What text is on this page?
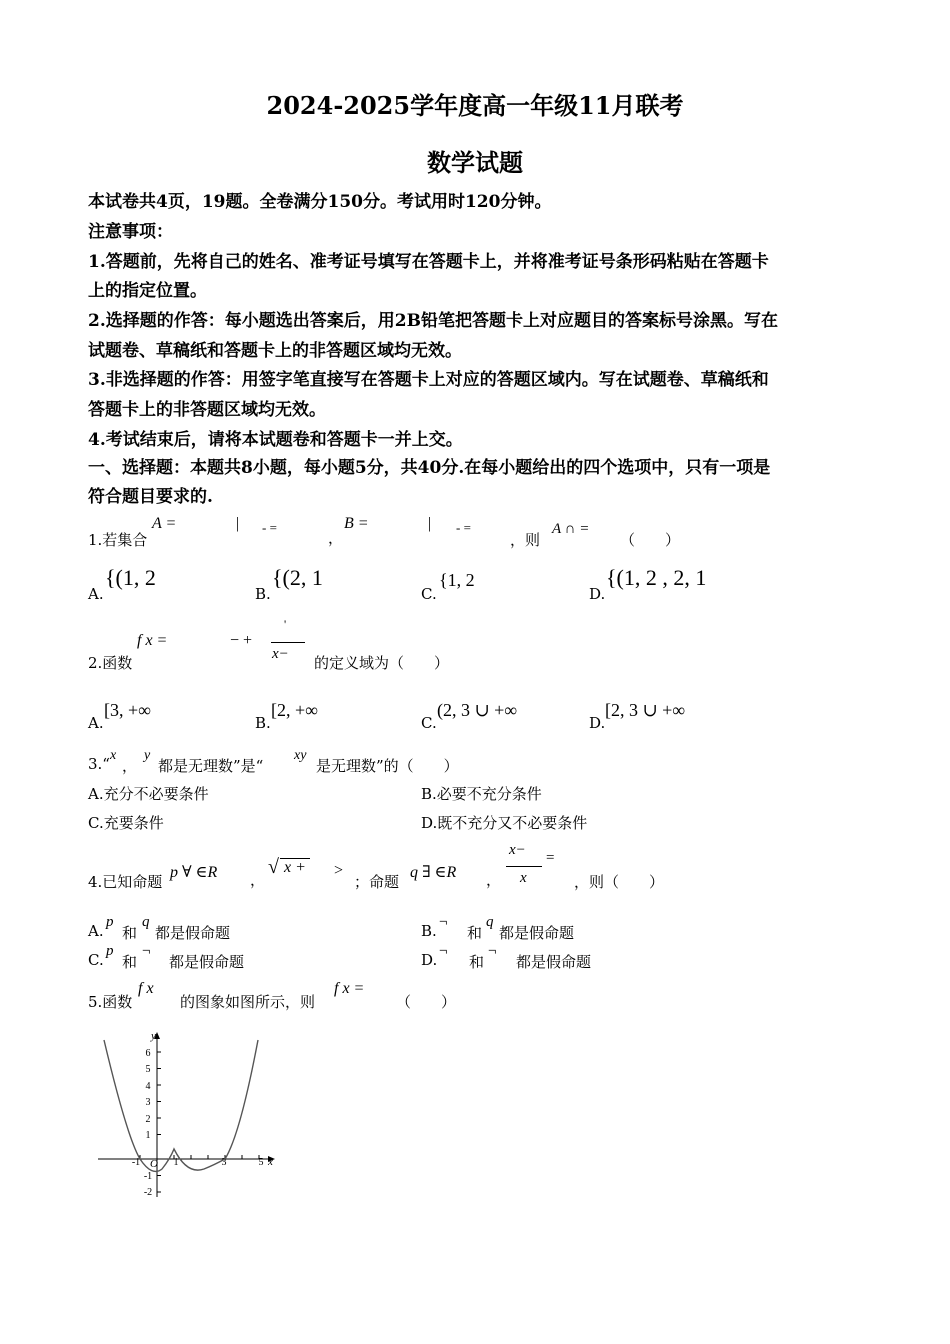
2024-2025学年度高一年级11月联考
数学试题
本试卷共4页，19题。全卷满分150分。考试用时120分钟。
注意事项：
1.答题前，先将自己的姓名、准考证号填写在答题卡上，并将准考证号条形码粘贴在答题卡
上的指定位置。
2.选择题的作答：每小题选出答案后，用2B铅笔把答题卡上对应题目的答案标号涂黑。写在
试题卷、草稿纸和答题卡上的非答题区域均无效。
3.非选择题的作答：用签字笔直接写在答题卡上对应的答题区域内。写在试题卷、草稿纸和
答题卡上的非答题区域均无效。
4.考试结束后，请将本试题卷和答题卡一并上交。
一、选择题：本题共8小题，每小题5分，共40分.在每小题给出的四个选项中，只有一项是
符合题目要求的.
1.若集合
A =	| - =
，
B =	| - =
，则
A ∩ =
（　　）
A.
{(1, 2
B.
{(2, 1
C.
{1, 2
D.
{(1, 2 , 2, 1
2.函数
f x =	− +
'
x− 的定义域为（　　）
A.
[3, +∞
B.
[2, +∞
C.
(2, 3 ∪ +∞
D.
[2, 3 ∪ +∞
3.“ x
，
y
都是无理数”是“
xy
是无理数”的（　　）
A.充分不必要条件	B.必要不充分条件
C.充要条件	D.既不充分又不必要条件
4.已知命题
p ∀ ∈R ，
√ x + >
；命题
q ∃ ∈R ，
x− =
x	，则（　　）
A. p
和
q
都是假命题	B. ¬
和
q
都是假命题
C. p
和
¬
都是假命题	D. ¬
和
¬
都是假命题
5.函数
f x
的图象如图所示，则
f x =
（　　）
6
5
4
3
2
1
-1
-2
-1	1	3	5
y
x
O
